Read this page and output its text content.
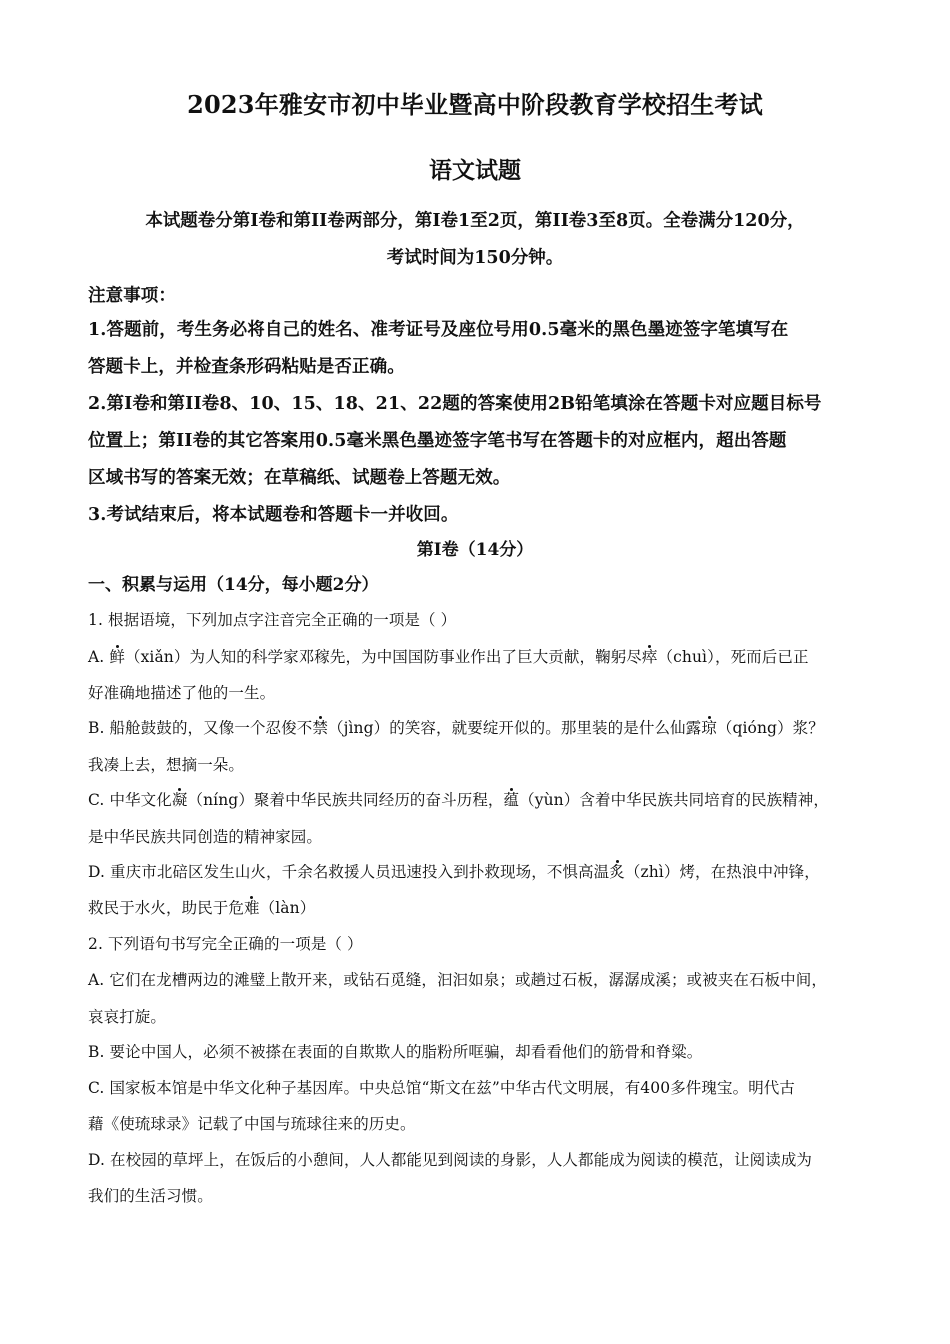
2023年雅安市初中毕业暨高中阶段教育学校招生考试
语文试题
本试题卷分第Ⅰ卷和第II卷两部分，第Ⅰ卷1至2页，第II卷3至8页。全卷满分120分，
考试时间为150分钟。
注意事项：
1.答题前，考生务必将自己的姓名、准考证号及座位号用0.5毫米的黑色墨迹签字笔填写在
答题卡上，并检查条形码粘贴是否正确。
2.第Ⅰ卷和第II卷8、10、15、18、21、22题的答案使用2B铅笔填涂在答题卡对应题目标号
位置上；第II卷的其它答案用0.5毫米黑色墨迹签字笔书写在答题卡的对应框内，超出答题
区域书写的答案无效；在草稿纸、试题卷上答题无效。
3.考试结束后，将本试题卷和答题卡一并收回。
第Ⅰ卷（14分）
一、积累与运用（14分，每小题2分）
1. 根据语境，下列加点字注音完全正确的一项是（ ）
A. 鲜（xiǎn）为人知的科学家邓稼先，为中国国防事业作出了巨大贡献，鞠躬尽瘁（chuì），死而后已正
好准确地描述了他的一生。
B. 船舱鼓鼓的，又像一个忍俊不禁（jìng）的笑容，就要绽开似的。那里装的是什么仙露琼（qióng）浆？
我凑上去，想摘一朵。
C. 中华文化凝（níng）聚着中华民族共同经历的奋斗历程，蕴（yùn）含着中华民族共同培育的民族精神，
是中华民族共同创造的精神家园。
D. 重庆市北碚区发生山火，千余名救援人员迅速投入到扑救现场，不惧高温炙（zhì）烤，在热浪中冲锋，
救民于水火，助民于危难（làn）
2. 下列语句书写完全正确的一项是（ ）
A. 它们在龙槽两边的滩璧上散开来，或钻石觅缝，汩汩如泉；或趟过石板，潺潺成溪；或被夹在石板中间，
哀哀打旋。
B. 要论中国人，必须不被搽在表面的自欺欺人的脂粉所哐骗，却看看他们的筋骨和脊粱。
C. 国家板本馆是中华文化种子基因库。中央总馆“斯文在兹”中华古代文明展，有400多件瑰宝。明代古
藉《使琉球录》记载了中国与琉球往来的历史。
D. 在校园的草坪上，在饭后的小憩间，人人都能见到阅读的身影，人人都能成为阅读的模范，让阅读成为
我们的生活习惯。
